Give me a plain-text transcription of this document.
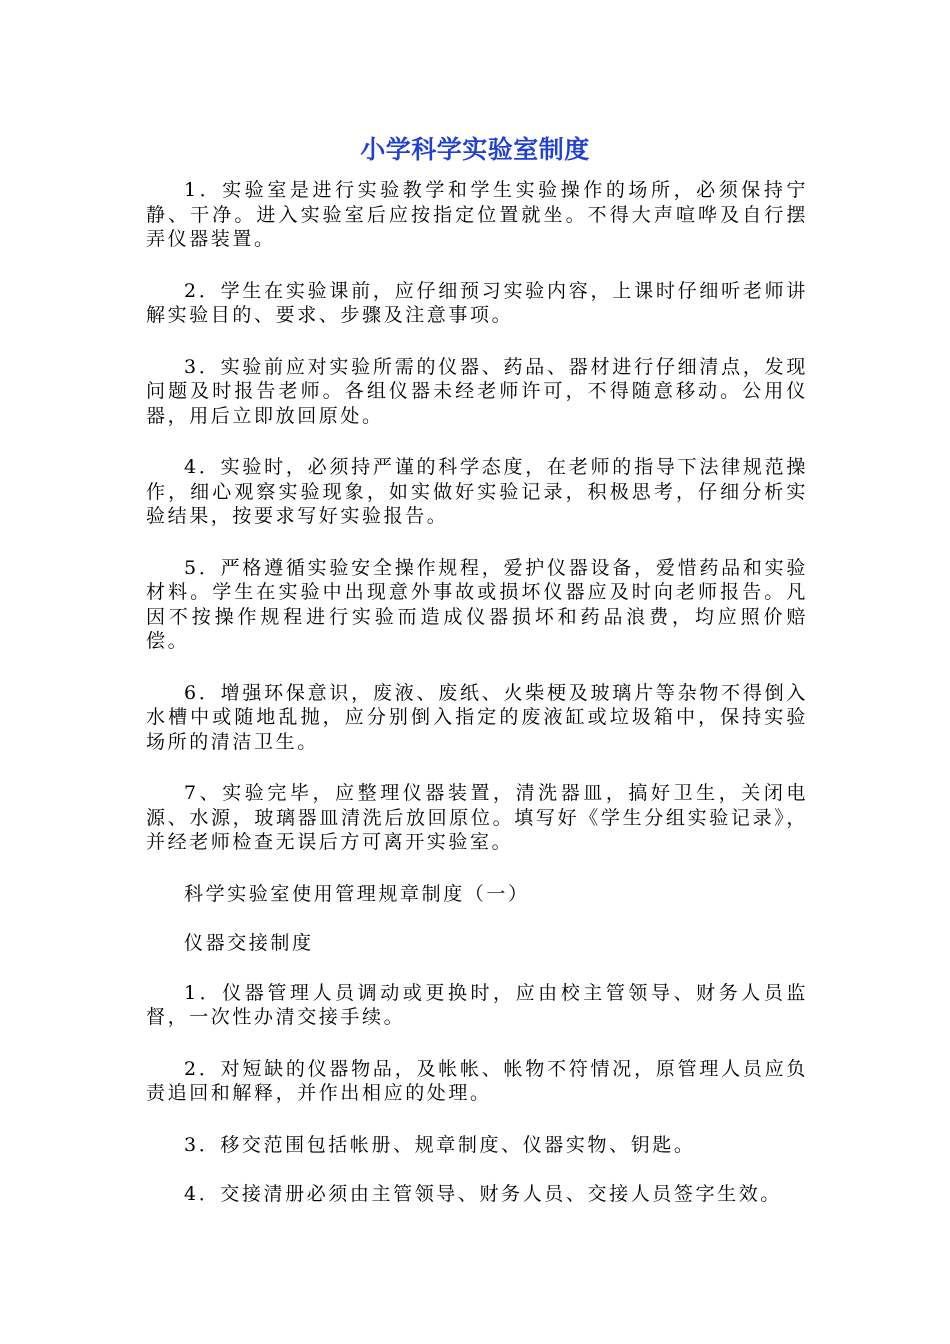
小学科学实验室制度

1．实验室是进行实验教学和学生实验操作的场所，必须保持宁静、干净。进入实验室后应按指定位置就坐。不得大声喧哗及自行摆弄仪器装置。

2．学生在实验课前，应仔细预习实验内容，上课时仔细听老师讲解实验目的、要求、步骤及注意事项。

3．实验前应对实验所需的仪器、药品、器材进行仔细清点，发现问题及时报告老师。各组仪器未经老师许可，不得随意移动。公用仪器，用后立即放回原处。

4．实验时，必须持严谨的科学态度，在老师的指导下法律规范操作，细心观察实验现象，如实做好实验记录，积极思考，仔细分析实验结果，按要求写好实验报告。

5．严格遵循实验安全操作规程，爱护仪器设备，爱惜药品和实验材料。学生在实验中出现意外事故或损坏仪器应及时向老师报告。凡因不按操作规程进行实验而造成仪器损坏和药品浪费，均应照价赔偿。

6．增强环保意识，废液、废纸、火柴梗及玻璃片等杂物不得倒入水槽中或随地乱抛，应分别倒入指定的废液缸或垃圾箱中，保持实验场所的清洁卫生。

7、实验完毕，应整理仪器装置，清洗器皿，搞好卫生，关闭电源、水源，玻璃器皿清洗后放回原位。填写好《学生分组实验记录》，并经老师检查无误后方可离开实验室。

科学实验室使用管理规章制度（一）

仪器交接制度

1．仪器管理人员调动或更换时，应由校主管领导、财务人员监督，一次性办清交接手续。

2．对短缺的仪器物品，及帐帐、帐物不符情况，原管理人员应负责追回和解释，并作出相应的处理。

3．移交范围包括帐册、规章制度、仪器实物、钥匙。

4．交接清册必须由主管领导、财务人员、交接人员签字生效。
